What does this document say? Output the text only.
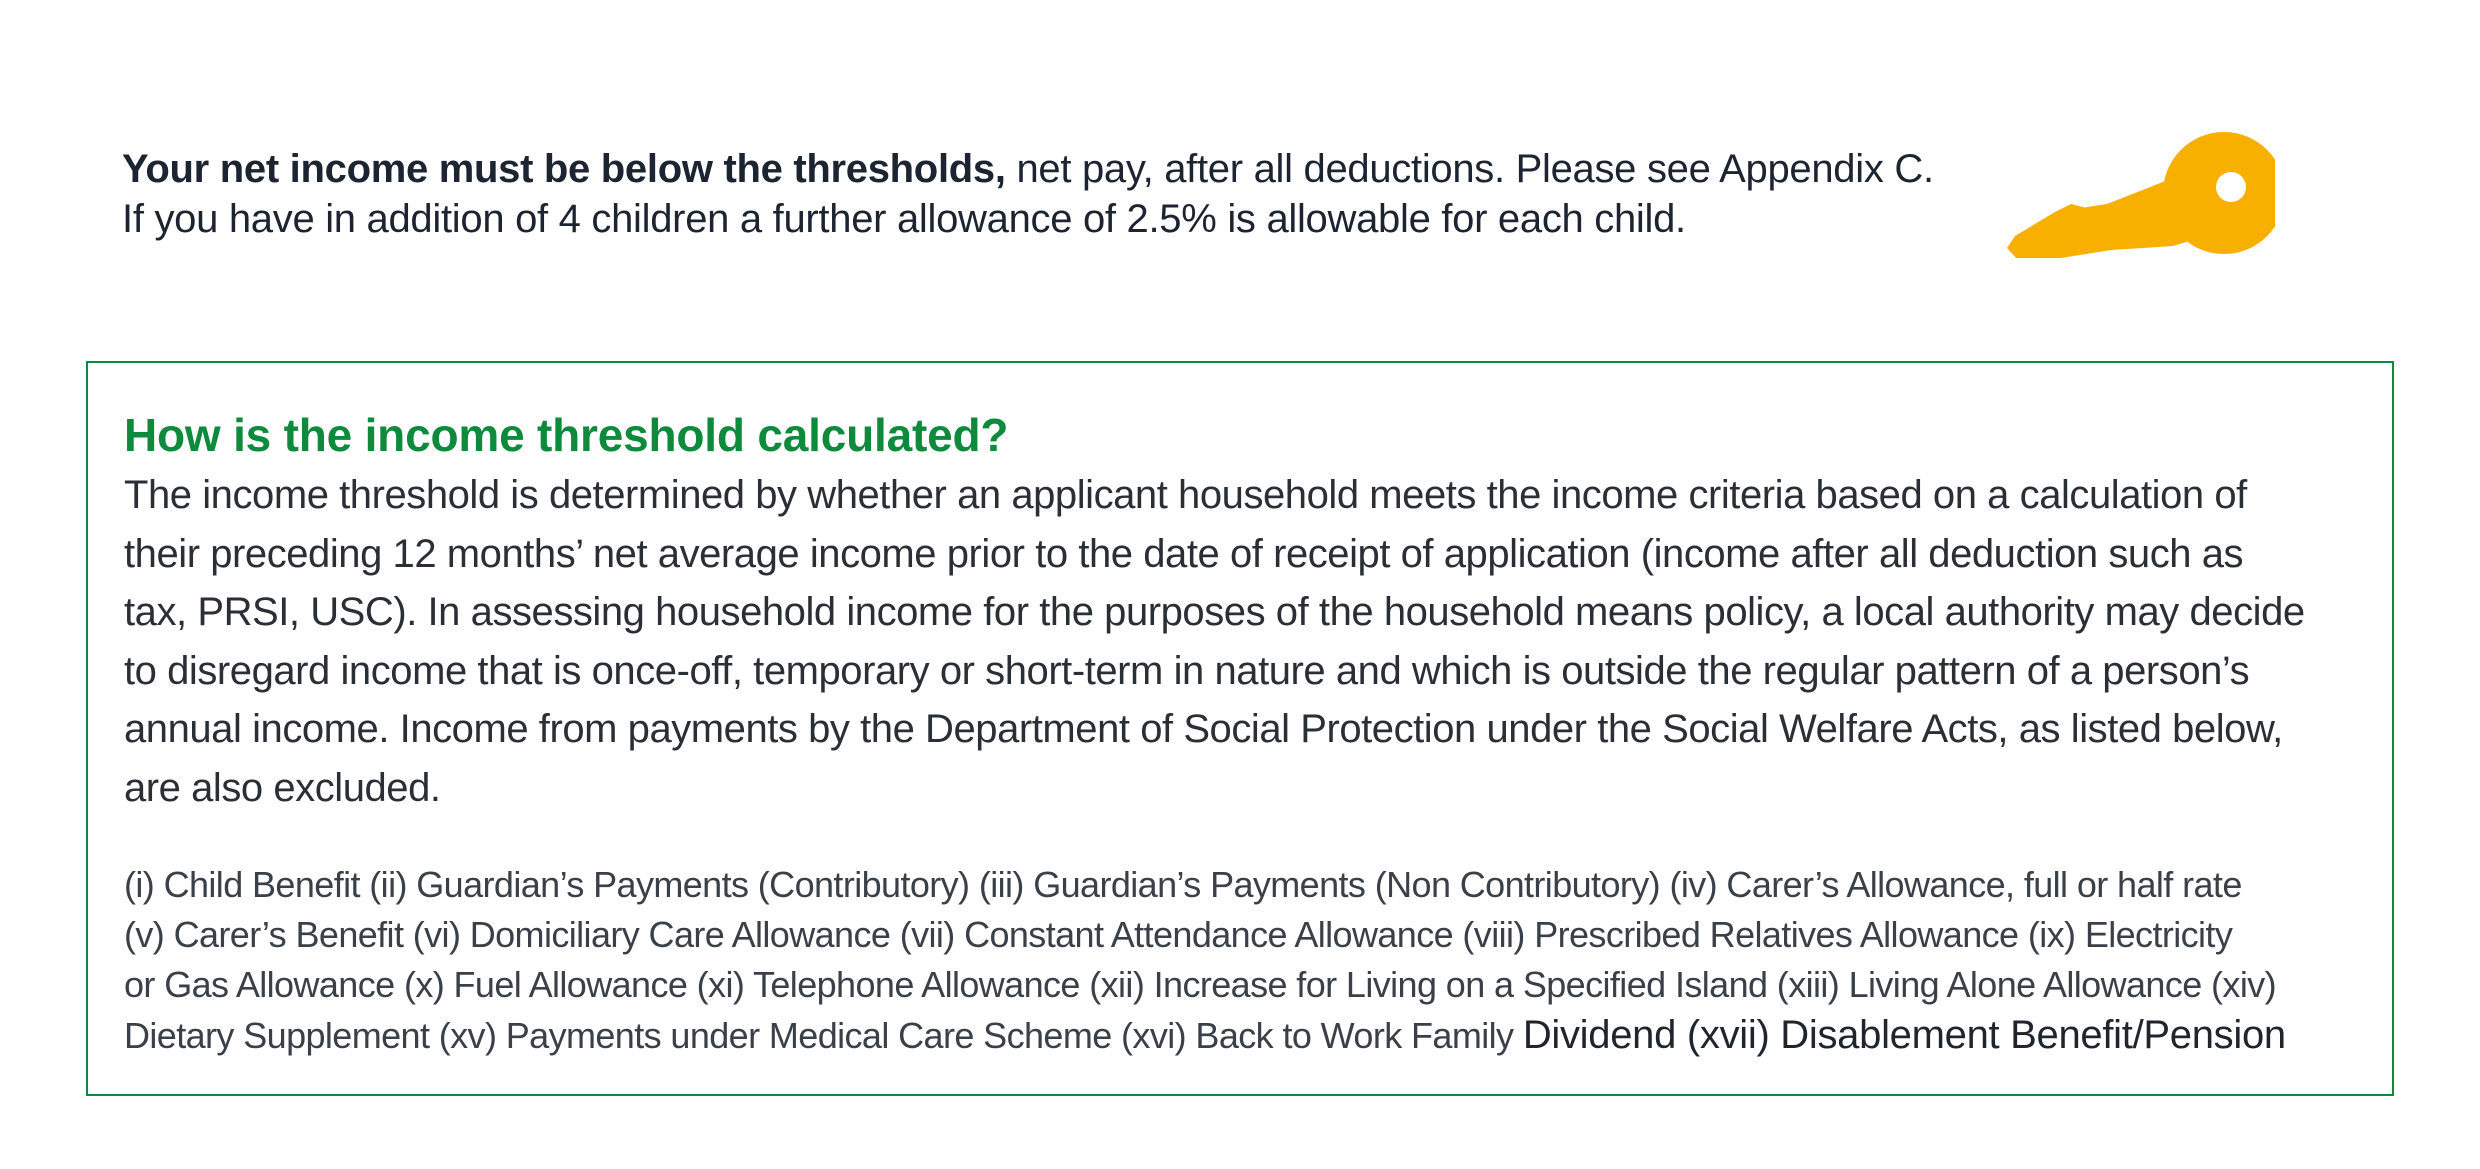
Your net income must be below the thresholds, net pay, after all deductions. Please see Appendix C.
If you have in addition of 4 children a further allowance of 2.5% is allowable for each child.
How is the income threshold calculated?

The income threshold is determined by whether an applicant household meets the income criteria based on a calculation of
their preceding 12 months’ net average income prior to the date of receipt of application (income after all deduction such as
tax, PRSI, USC). In assessing household income for the purposes of the household means policy, a local authority may decide
to disregard income that is once-off, temporary or short-term in nature and which is outside the regular pattern of a person’s
annual income. Income from payments by the Department of Social Protection under the Social Welfare Acts, as listed below,
are also excluded.

(i) Child Benefit (ii) Guardian’s Payments (Contributory) (iii) Guardian’s Payments (Non Contributory) (iv) Carer’s Allowance, full or half rate
(v) Carer’s Benefit (vi) Domiciliary Care Allowance (vii) Constant Attendance Allowance (viii) Prescribed Relatives Allowance (ix) Electricity
or Gas Allowance (x) Fuel Allowance (xi) Telephone Allowance (xii) Increase for Living on a Specified Island (xiii) Living Alone Allowance (xiv)
Dietary Supplement (xv) Payments under Medical Care Scheme (xvi) Back to Work Family Dividend (xvii) Disablement Benefit/Pension
